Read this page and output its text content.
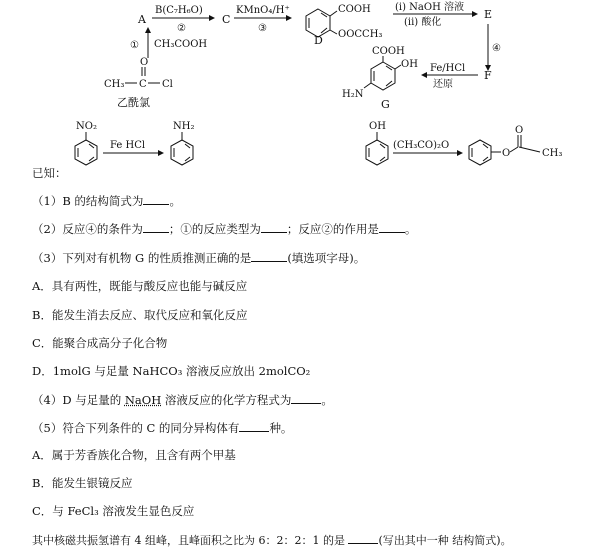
A	C
D
E
F
G
B(C₇H₆O)
②
KMnO₄/H⁺
③
① CH₃COOH
CH₃ C Cl
O
乙酰氯
COOH
OOCCH₃
(i) NaOH 溶液
(ii) 酸化
④
Fe/HCl
还原
COOH
OH
H₂N
NO₂
Fe HCl
NH₂	OH
(CH₃CO)₂O
O
O
CH₃
已知：
（1）B 的结构简式为 。
（2）反应④的条件为 ；①的反应类型为 ；反应②的作用是 。
（3）下列对有机物 G 的性质推测正确的是	(填选项字母)。
A．具有两性，既能与酸反应也能与碱反应
B．能发生消去反应、取代反应和氧化反应
C．能聚合成高分子化合物
D．1molG 与足量 NaHCO₃ 溶液反应放出 2molCO₂
（4）D 与足量的 NaOH 溶液反应的化学方程式为	。
（5）符合下列条件的 C 的同分异构体有	种。
A．属于芳香族化合物，且含有两个甲基
B．能发生银镜反应
C．与 FeCl₃ 溶液发生显色反应
其中核磁共振氢谱有 4 组峰，且峰面积之比为 6：2：2：1 的是	(写出其中一种 结构简式)。
